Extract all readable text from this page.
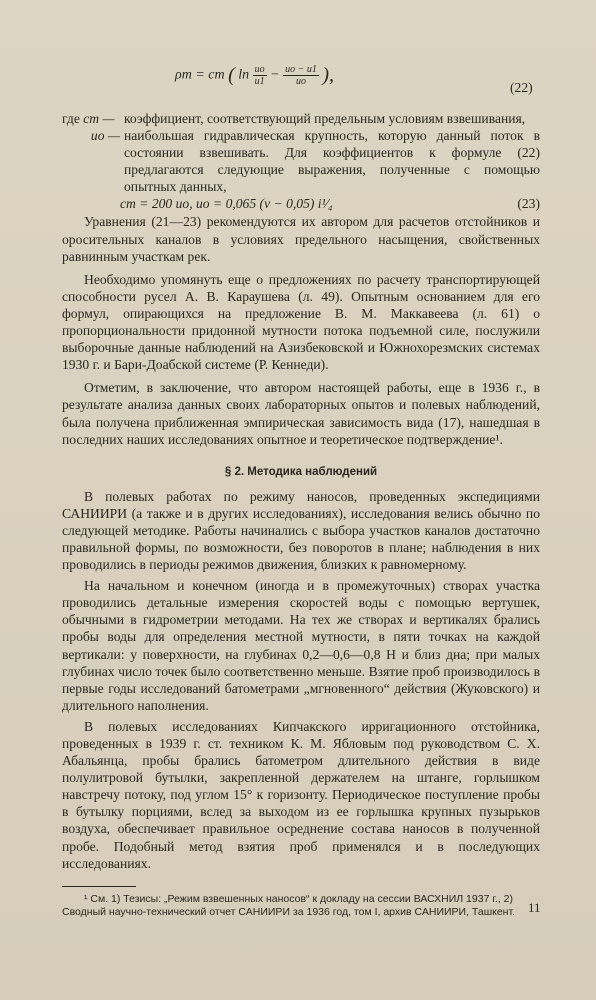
ρт = cт ( $\ln \frac{uo}{u1} - \frac{uo - u1}{uo}$ ),
(22)

где cт — коэффициент, соответствующий предельным условиям взвешивания,

uo — наибольшая гидравлическая крупность, которую данный поток в состоянии взвешивать. Для коэффициентов к формуле (22) предлагаются следующие выражения, полученные с помощью опытных данных,

cт = 200 uo, uo = 0,065 (v − 0,05) i¹⁄₄	(23)

Уравнения (21—23) рекомендуются их автором для расчетов отстойников и оросительных каналов в условиях предельного насыщения, свойственных равнинным участкам рек.

Необходимо упомянуть еще о предложениях по расчету транспортирующей способности русел А. В. Караушева (л. 49). Опытным основанием для его формул, опирающихся на предложение В. М. Маккавеева (л. 61) о пропорциональности придонной мутности потока подъемной силе, послужили выборочные данные наблюдений на Азизбековской и Южнохорезмских системах 1930 г. и Бари-Доабской системе (Р. Кеннеди).

Отметим, в заключение, что автором настоящей работы, еще в 1936 г., в результате анализа данных своих лабораторных опытов и полевых наблюдений, была получена приближенная эмпирическая зависимость вида (17), нашедшая в последних наших исследованиях опытное и теоретическое подтверждение¹.

§ 2. Методика наблюдений

В полевых работах по режиму наносов, проведенных экспедициями САНИИРИ (а также и в других исследованиях), исследования велись обычно по следующей методике. Работы начинались с выбора участков каналов достаточно правильной формы, по возможности, без поворотов в плане; наблюдения в них проводились в периоды режимов движения, близких к равномерному.

На начальном и конечном (иногда и в промежуточных) створах участка проводились детальные измерения скоростей воды с помощью вертушек, обычными в гидрометрии методами. На тех же створах и вертикалях брались пробы воды для определения местной мутности, в пяти точках на каждой вертикали: у поверхности, на глубинах 0,2—0,6—0,8 H и близ дна; при малых глубинах число точек было соответственно меньше. Взятие проб производилось в первые годы исследований батометрами „мгновенного“ действия (Жуковского) и длительного наполнения.

В полевых исследованиях Кипчакского ирригационного отстойника, проведенных в 1939 г. ст. техником К. М. Ябловым под руководством С. Х. Абальянца, пробы брались батометром длительного действия в виде полулитровой бутылки, закрепленной держателем на штанге, горлышком навстречу потоку, под углом 15° к горизонту. Периодическое поступление пробы в бутылку порциями, вслед за выходом из ее горлышка крупных пузырьков воздуха, обеспечивает правильное осреднение состава наносов в полученной пробе. Подобный метод взятия проб применялся и в последующих исследованиях.

¹ См. 1) Тезисы: „Режим взвешенных наносов“ к докладу на сессии ВАСХНИЛ 1937 г., 2) Сводный научно-технический отчет САНИИРИ за 1936 год, том I, архив САНИИРИ, Ташкент. 11
